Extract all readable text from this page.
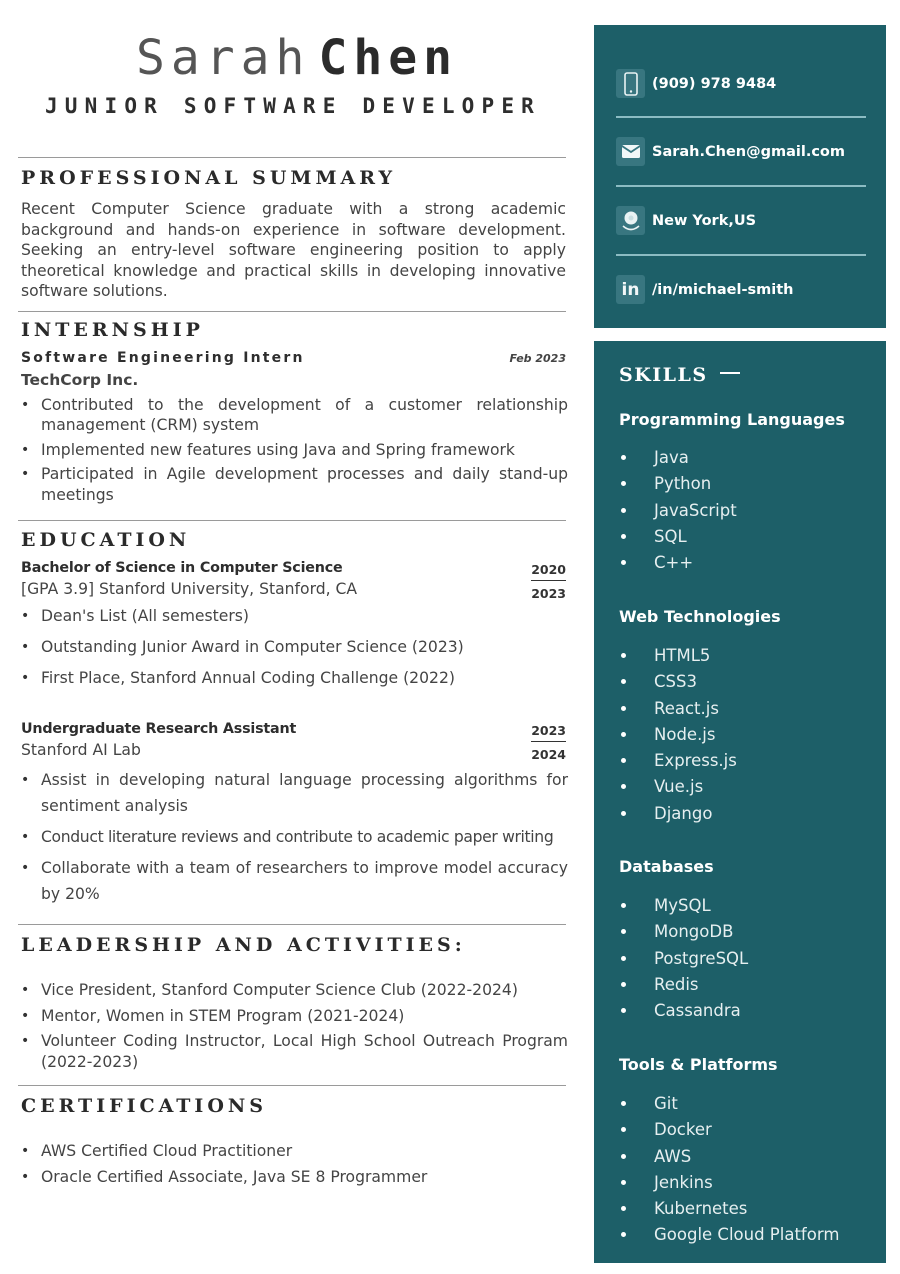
Sarah Chen
JUNIOR SOFTWARE DEVELOPER
PROFESSIONAL SUMMARY

Recent Computer Science graduate with a strong academic background and hands-on experience in software development. Seeking an entry-level software engineering position to apply theoretical knowledge and practical skills in developing innovative software solutions.

INTERNSHIP
Software Engineering Intern	Feb 2023
TechCorp Inc.
• Contributed to the development of a customer relationship management (CRM) system
• Implemented new features using Java and Spring framework
• Participated in Agile development processes and daily stand-up meetings
EDUCATION
Bachelor of Science in Computer Science
[GPA 3.9] Stanford University, Stanford, CA
2020
2023
• Dean's List (All semesters)
• Outstanding Junior Award in Computer Science (2023)
• First Place, Stanford Annual Coding Challenge (2022)
Undergraduate Research Assistant
Stanford AI Lab
2023
2024
• Assist in developing natural language processing algorithms for sentiment analysis
• Conduct literature reviews and contribute to academic paper writing
• Collaborate with a team of researchers to improve model accuracy by 20%
LEADERSHIP AND ACTIVITIES:
• Vice President, Stanford Computer Science Club (2022-2024)
• Mentor, Women in STEM Program (2021-2024)
• Volunteer Coding Instructor, Local High School Outreach Program (2022-2023)
CERTIFICATIONS
• AWS Certified Cloud Practitioner
• Oracle Certified Associate, Java SE 8 Programmer
(909) 978 9484
Sarah.Chen@gmail.com
New York,US
in /in/michael-smith
SKILLS
Programming Languages
Java
Python
JavaScript
SQL
C++
Web Technologies
HTML5
CSS3
React.js
Node.js
Express.js
Vue.js
Django
Databases
MySQL
MongoDB
PostgreSQL
Redis
Cassandra
Tools & Platforms
Git
Docker
AWS
Jenkins
Kubernetes
Google Cloud Platform
